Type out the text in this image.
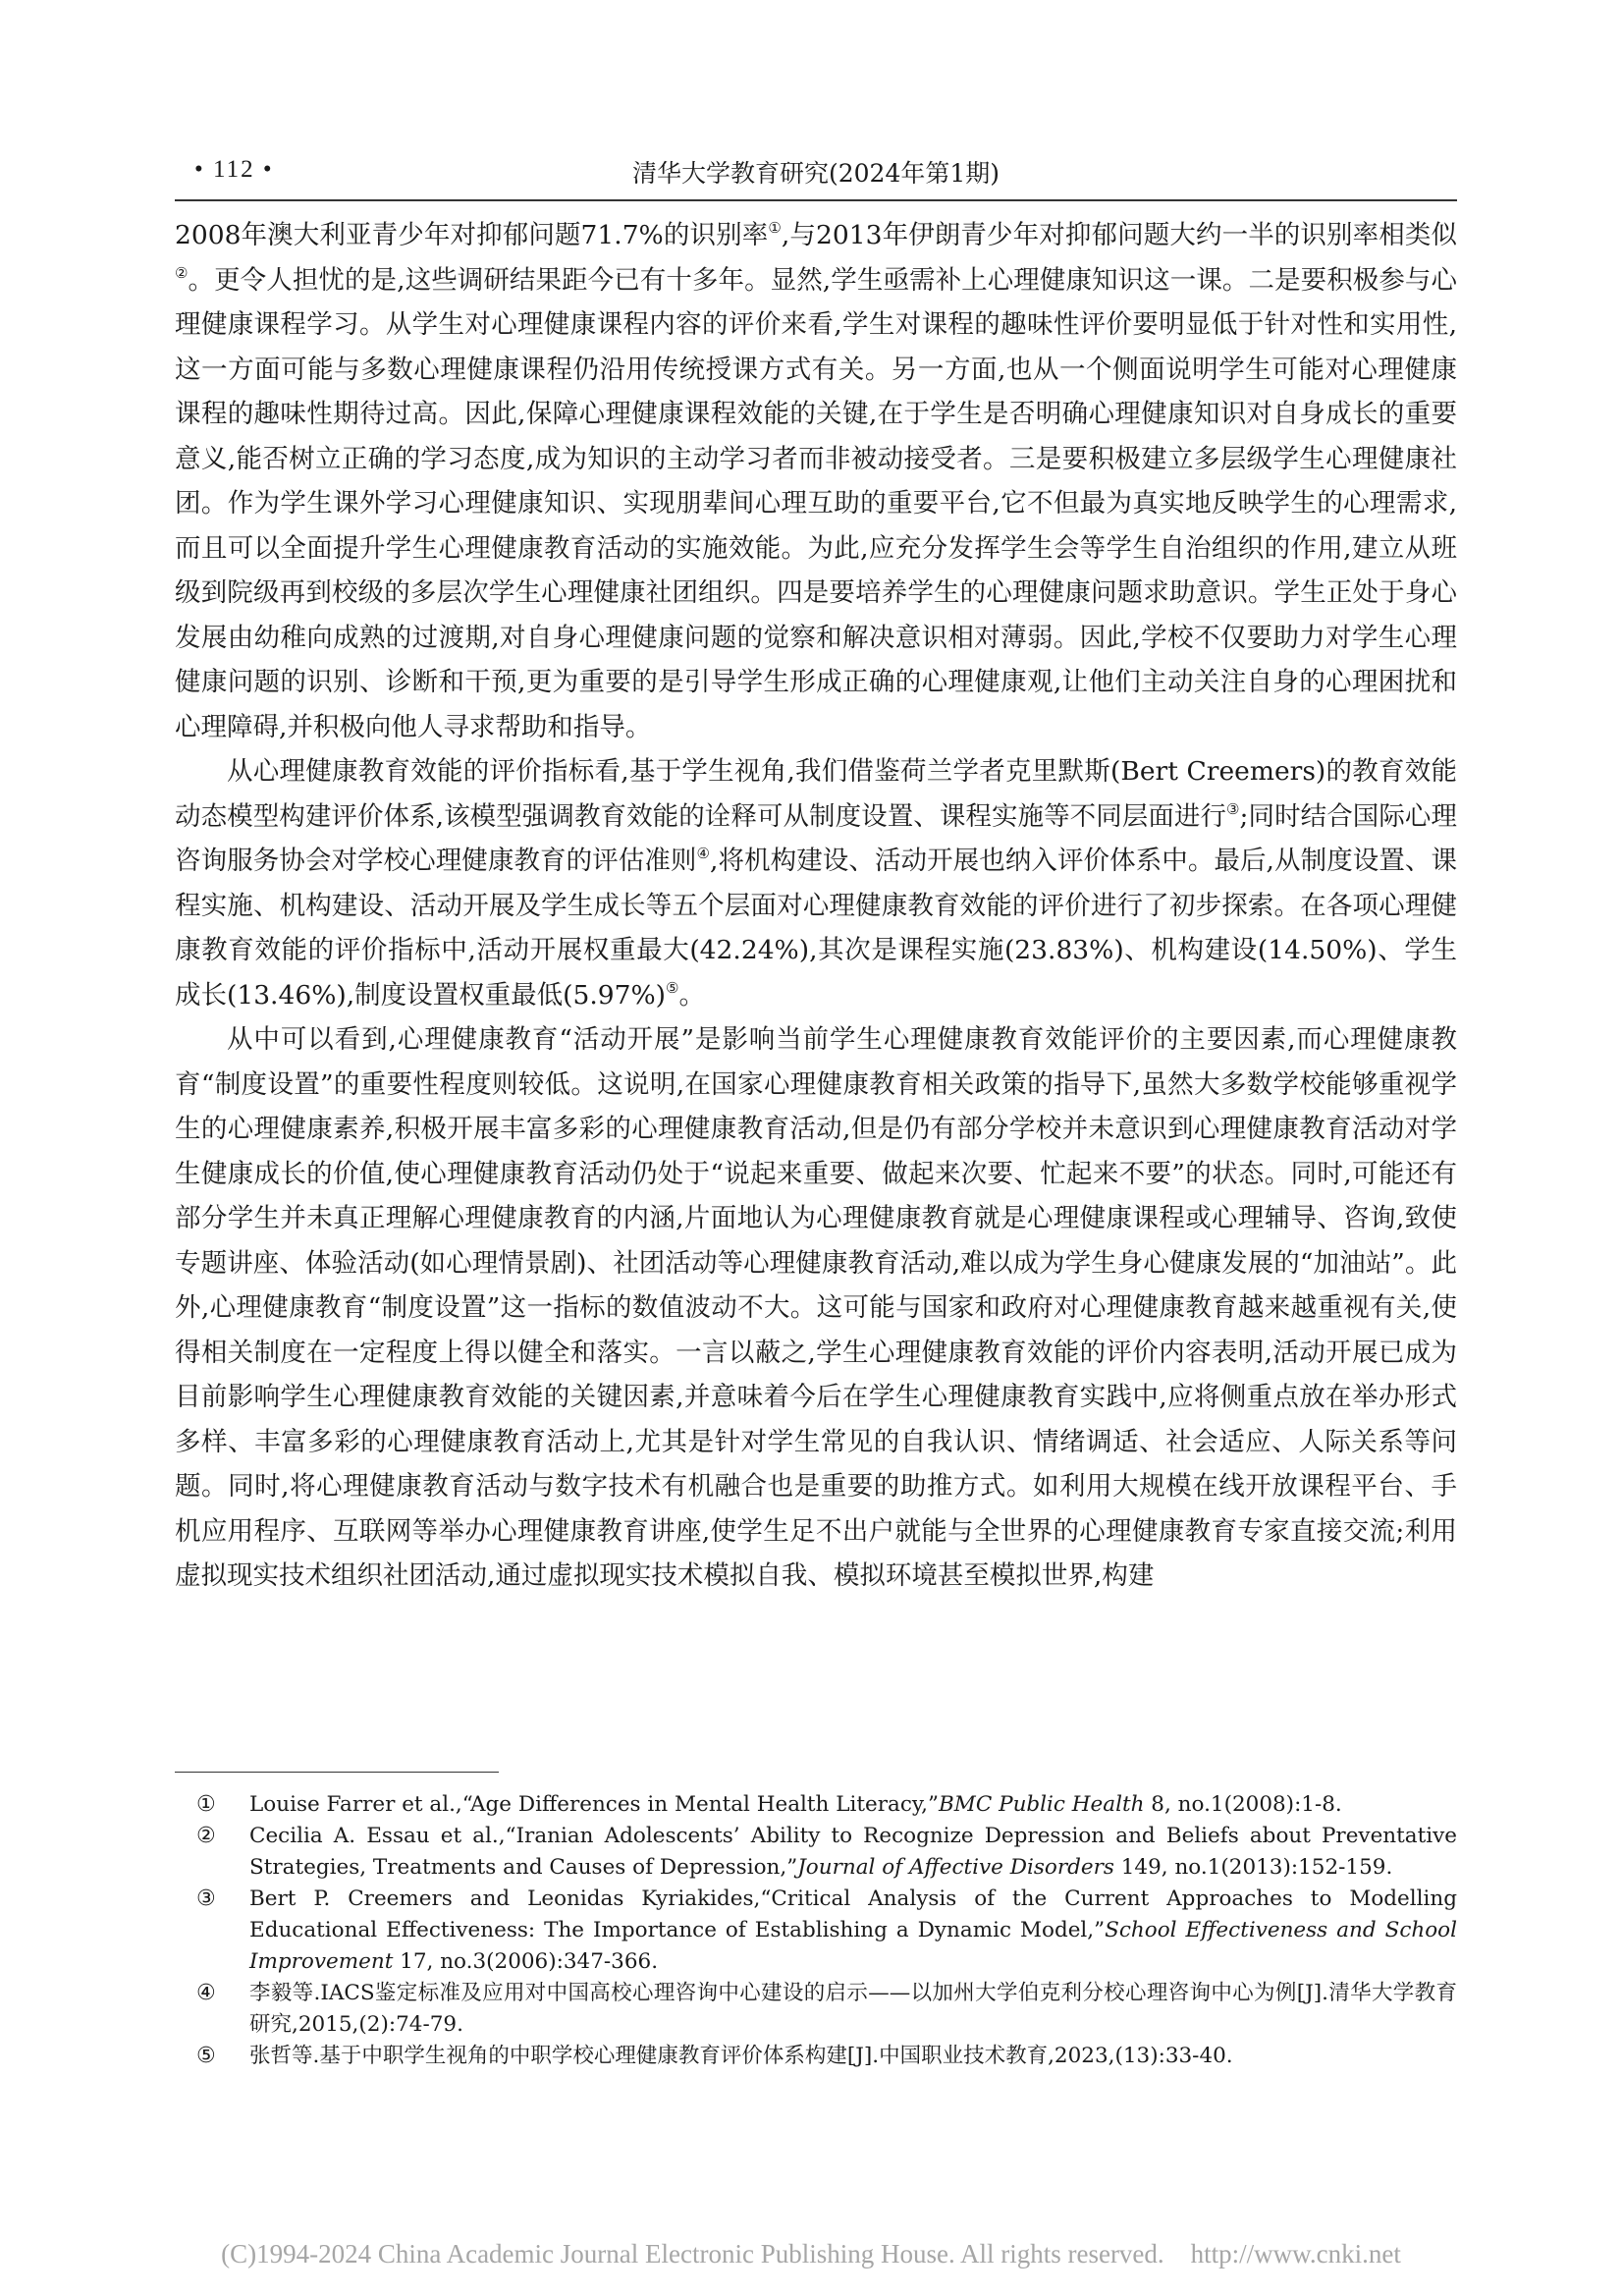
• 112 •	清华大学教育研究(2024年第1期)

2008年澳大利亚青少年对抑郁问题71.7%的识别率①,与2013年伊朗青少年对抑郁问题大约一半的识别率相类似②。更令人担忧的是,这些调研结果距今已有十多年。显然,学生亟需补上心理健康知识这一课。二是要积极参与心理健康课程学习。从学生对心理健康课程内容的评价来看,学生对课程的趣味性评价要明显低于针对性和实用性,这一方面可能与多数心理健康课程仍沿用传统授课方式有关。另一方面,也从一个侧面说明学生可能对心理健康课程的趣味性期待过高。因此,保障心理健康课程效能的关键,在于学生是否明确心理健康知识对自身成长的重要意义,能否树立正确的学习态度,成为知识的主动学习者而非被动接受者。三是要积极建立多层级学生心理健康社团。作为学生课外学习心理健康知识、实现朋辈间心理互助的重要平台,它不但最为真实地反映学生的心理需求,而且可以全面提升学生心理健康教育活动的实施效能。为此,应充分发挥学生会等学生自治组织的作用,建立从班级到院级再到校级的多层次学生心理健康社团组织。四是要培养学生的心理健康问题求助意识。学生正处于身心发展由幼稚向成熟的过渡期,对自身心理健康问题的觉察和解决意识相对薄弱。因此,学校不仅要助力对学生心理健康问题的识别、诊断和干预,更为重要的是引导学生形成正确的心理健康观,让他们主动关注自身的心理困扰和心理障碍,并积极向他人寻求帮助和指导。

从心理健康教育效能的评价指标看,基于学生视角,我们借鉴荷兰学者克里默斯(Bert Creemers)的教育效能动态模型构建评价体系,该模型强调教育效能的诠释可从制度设置、课程实施等不同层面进行③;同时结合国际心理咨询服务协会对学校心理健康教育的评估准则④,将机构建设、活动开展也纳入评价体系中。最后,从制度设置、课程实施、机构建设、活动开展及学生成长等五个层面对心理健康教育效能的评价进行了初步探索。在各项心理健康教育效能的评价指标中,活动开展权重最大(42.24%),其次是课程实施(23.83%)、机构建设(14.50%)、学生成长(13.46%),制度设置权重最低(5.97%)⑤。

从中可以看到,心理健康教育“活动开展”是影响当前学生心理健康教育效能评价的主要因素,而心理健康教育“制度设置”的重要性程度则较低。这说明,在国家心理健康教育相关政策的指导下,虽然大多数学校能够重视学生的心理健康素养,积极开展丰富多彩的心理健康教育活动,但是仍有部分学校并未意识到心理健康教育活动对学生健康成长的价值,使心理健康教育活动仍处于“说起来重要、做起来次要、忙起来不要”的状态。同时,可能还有部分学生并未真正理解心理健康教育的内涵,片面地认为心理健康教育就是心理健康课程或心理辅导、咨询,致使专题讲座、体验活动(如心理情景剧)、社团活动等心理健康教育活动,难以成为学生身心健康发展的“加油站”。此外,心理健康教育“制度设置”这一指标的数值波动不大。这可能与国家和政府对心理健康教育越来越重视有关,使得相关制度在一定程度上得以健全和落实。一言以蔽之,学生心理健康教育效能的评价内容表明,活动开展已成为目前影响学生心理健康教育效能的关键因素,并意味着今后在学生心理健康教育实践中,应将侧重点放在举办形式多样、丰富多彩的心理健康教育活动上,尤其是针对学生常见的自我认识、情绪调适、社会适应、人际关系等问题。同时,将心理健康教育活动与数字技术有机融合也是重要的助推方式。如利用大规模在线开放课程平台、手机应用程序、互联网等举办心理健康教育讲座,使学生足不出户就能与全世界的心理健康教育专家直接交流;利用虚拟现实技术组织社团活动,通过虚拟现实技术模拟自我、模拟环境甚至模拟世界,构建

① Louise Farrer et al.,“Age Differences in Mental Health Literacy,”BMC Public Health 8, no.1(2008):1-8.

② Cecilia A. Essau et al.,“Iranian Adolescents’ Ability to Recognize Depression and Beliefs about Preventative Strategies, Treatments and Causes of Depression,”Journal of Affective Disorders 149, no.1(2013):152-159.

③ Bert P. Creemers and Leonidas Kyriakides,“Critical Analysis of the Current Approaches to Modelling Educational Effectiveness: The Importance of Establishing a Dynamic Model,”School Effectiveness and School Improvement 17, no.3(2006):347-366.

④ 李毅等.IACS鉴定标准及应用对中国高校心理咨询中心建设的启示——以加州大学伯克利分校心理咨询中心为例[J].清华大学教育研究,2015,(2):74-79.

⑤ 张哲等.基于中职学生视角的中职学校心理健康教育评价体系构建[J].中国职业技术教育,2023,(13):33-40.

(C)1994-2024 China Academic Journal Electronic Publishing House. All rights reserved.    http://www.cnki.net
